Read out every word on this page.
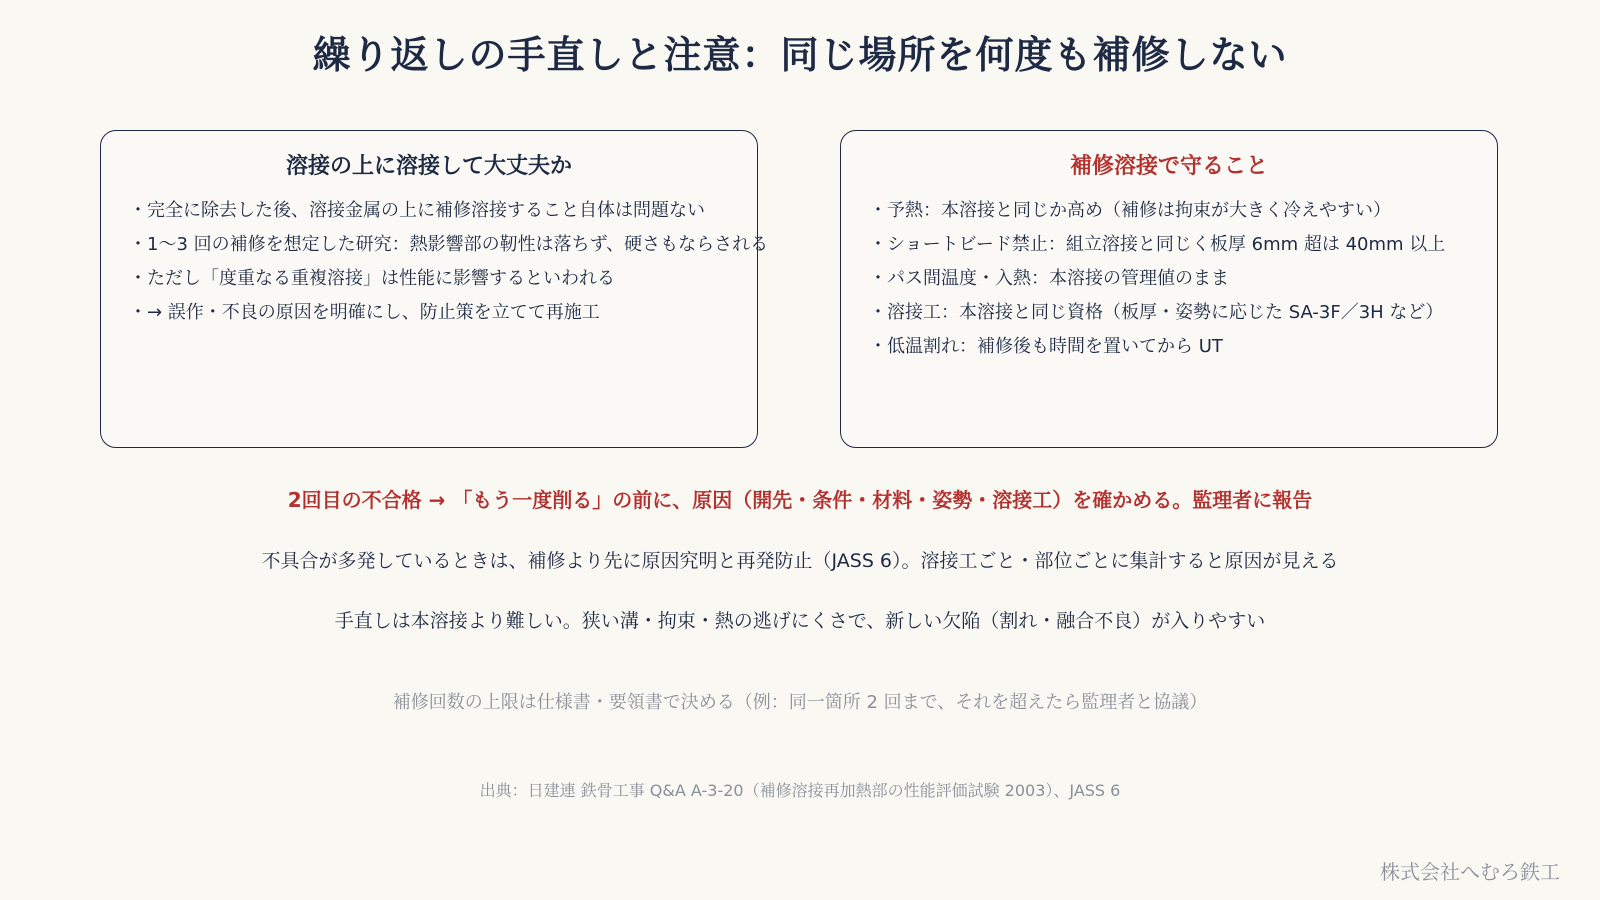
繰り返しの手直しと注意：同じ場所を何度も補修しない
溶接の上に溶接して大丈夫か
・ 完全に除去した後、溶接金属の上に補修溶接すること自体は問題ない
・ 1～3 回の補修を想定した研究：熱影響部の靭性は落ちず、硬さもならされる
・ ただし「度重なる重複溶接」は性能に影響するといわれる
・ → 誤作・不良の原因を明確にし、防止策を立てて再施工
補修溶接で守ること
・ 予熱：本溶接と同じか高め（補修は拘束が大きく冷えやすい）
・ ショートビード禁止：組立溶接と同じく板厚 6mm 超は 40mm 以上
・ パス間温度・入熱：本溶接の管理値のまま
・ 溶接工：本溶接と同じ資格（板厚・姿勢に応じた SA-3F／3H など）
・ 低温割れ：補修後も時間を置いてから UT
2回目の不合格 → 「もう一度削る」の前に、原因（開先・条件・材料・姿勢・溶接工）を確かめる。監理者に報告
不具合が多発しているときは、補修より先に原因究明と再発防止（JASS 6）。溶接工ごと・部位ごとに集計すると原因が見える
手直しは本溶接より難しい。狭い溝・拘束・熱の逃げにくさで、新しい欠陥（割れ・融合不良）が入りやすい
補修回数の上限は仕様書・要領書で決める（例：同一箇所 2 回まで、それを超えたら監理者と協議）
出典：日建連 鉄骨工事 Q&A A-3-20（補修溶接再加熱部の性能評価試験 2003）、JASS 6
株式会社へむろ鉄工
